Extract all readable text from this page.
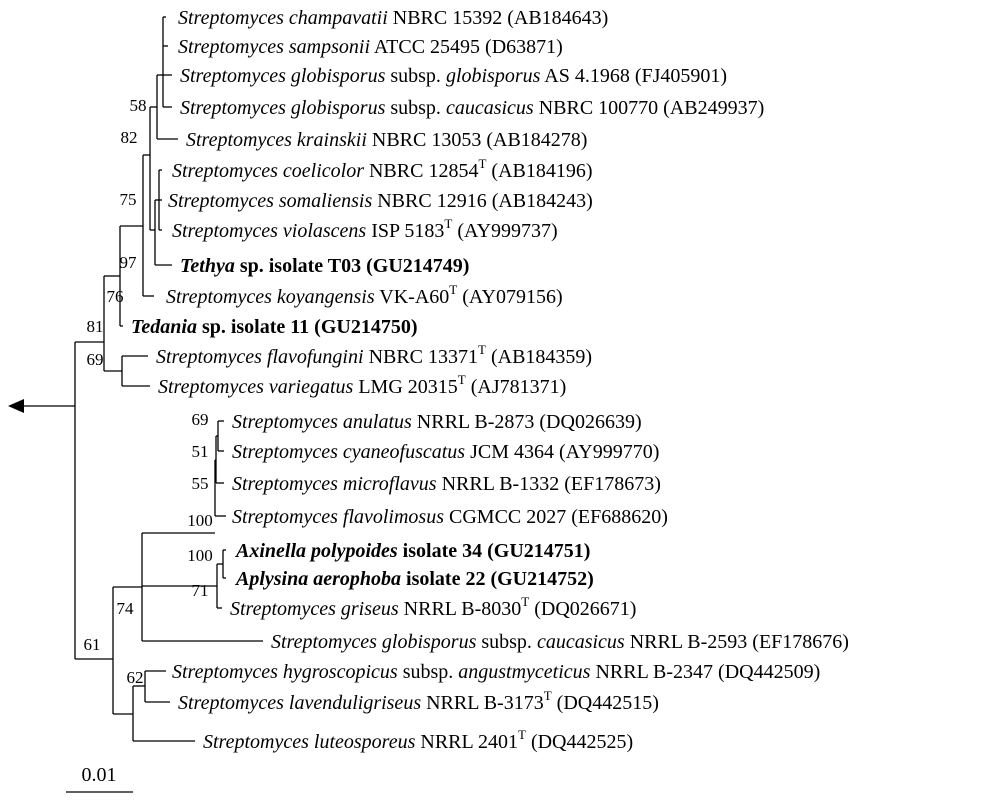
Streptomyces champavatii NBRC 15392 (AB184643)
Streptomyces sampsonii ATCC 25495 (D63871)
Streptomyces globisporus subsp. globisporus AS 4.1968 (FJ405901)
Streptomyces globisporus subsp. caucasicus NBRC 100770 (AB249937)
Streptomyces krainskii NBRC 13053 (AB184278)
Streptomyces coelicolor NBRC $12854^T$ (AB184196)
Streptomyces somaliensis NBRC 12916 (AB184243)
Streptomyces violascens ISP $5183^T$ (AY999737)
Tethya sp. isolate T03 (GU214749)
Streptomyces koyangensis $VK-A60^T$ (AY079156)
Tedania sp. isolate 11 (GU214750)
Streptomyces flavofungini NBRC $13371^T$ (AB184359)
Streptomyces variegatus LMG $20315^T$ (AJ781371)
Streptomyces anulatus NRRL B-2873 (DQ026639)
Streptomyces cyaneofuscatus JCM 4364 (AY999770)
Streptomyces microflavus NRRL B-1332 (EF178673)
Streptomyces flavolimosus CGMCC 2027 (EF688620)
Axinella polypoides isolate 34 (GU214751)
Aplysina aerophoba isolate 22 (GU214752)
Streptomyces griseus NRRL $B-8030^T$ (DQ026671)
Streptomyces globisporus subsp. caucasicus NRRL B-2593 (EF178676)
Streptomyces hygroscopicus subsp. angustmyceticus NRRL B-2347 (DQ442509)
Streptomyces lavenduligriseus NRRL $B-3173^T$ (DQ442515)
Streptomyces luteosporeus NRRL $2401^T$ (DQ442525)
58
82
75
97
76
81
69
69
51
55
100
100
71
74
61
62
0.01
